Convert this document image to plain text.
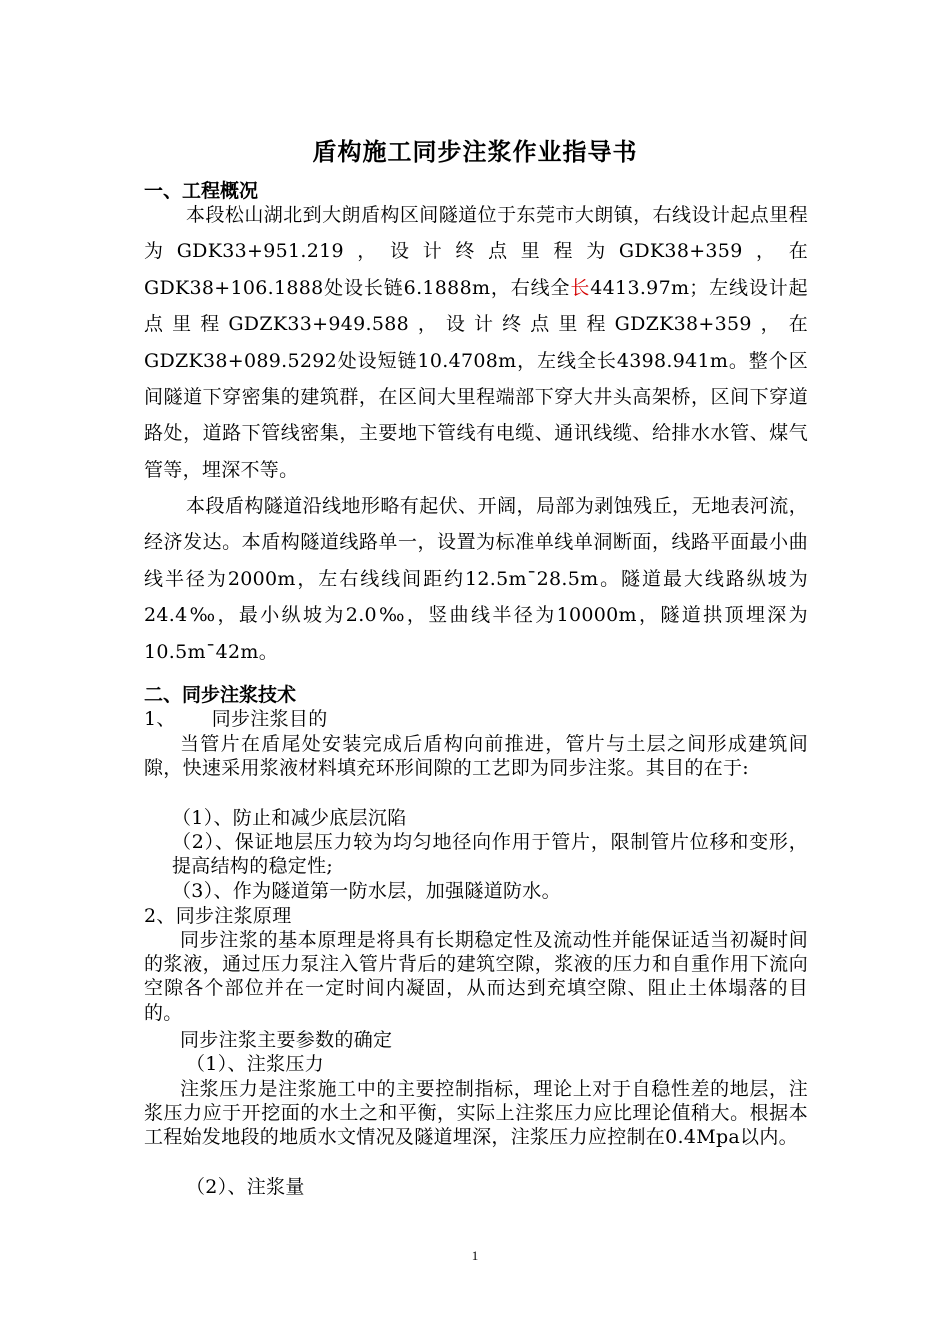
盾构施工同步注浆作业指导书
一、工程概况

本段松山湖北到大朗盾构区间隧道位于东莞市大朗镇，右线设计起点里程为GDK33+951.219，设计终点里程为GDK38+359，在GDK38+106.1888处设长链6.1888m，右线全长4413.97m；左线设计起点里程GDZK33+949.588，设计终点里程GDZK38+359，在GDZK38+089.5292处设短链10.4708m，左线全长4398.941m。整个区间隧道下穿密集的建筑群，在区间大里程端部下穿大井头高架桥，区间下穿道路处，道路下管线密集，主要地下管线有电缆、通讯线缆、给排水水管、煤气管等，埋深不等。

本段盾构隧道沿线地形略有起伏、开阔，局部为剥蚀残丘，无地表河流，经济发达。本盾构隧道线路单一，设置为标准单线单洞断面，线路平面最小曲线半径为2000m，左右线线间距约12.5m¯28.5m。隧道最大线路纵坡为24.4‰，最小纵坡为2.0‰，竖曲线半径为10000m，隧道拱顶埋深为10.5m¯42m。

二、同步注浆技术
1、 同步注浆目的

当管片在盾尾处安装完成后盾构向前推进，管片与土层之间形成建筑间隙，快速采用浆液材料填充环形间隙的工艺即为同步注浆。其目的在于:

（1）、防止和减少底层沉陷

（2）、保证地层压力较为均匀地径向作用于管片，限制管片位移和变形，提高结构的稳定性;

（3）、作为隧道第一防水层，加强隧道防水。

2、同步注浆原理

同步注浆的基本原理是将具有长期稳定性及流动性并能保证适当初凝时间的浆液，通过压力泵注入管片背后的建筑空隙，浆液的压力和自重作用下流向空隙各个部位并在一定时间内凝固，从而达到充填空隙、阻止土体塌落的目的。

同步注浆主要参数的确定

（1）、注浆压力

注浆压力是注浆施工中的主要控制指标，理论上对于自稳性差的地层，注浆压力应于开挖面的水土之和平衡，实际上注浆压力应比理论值稍大。根据本工程始发地段的地质水文情况及隧道埋深，注浆压力应控制在0.4Mpa以内。

（2）、注浆量

1
